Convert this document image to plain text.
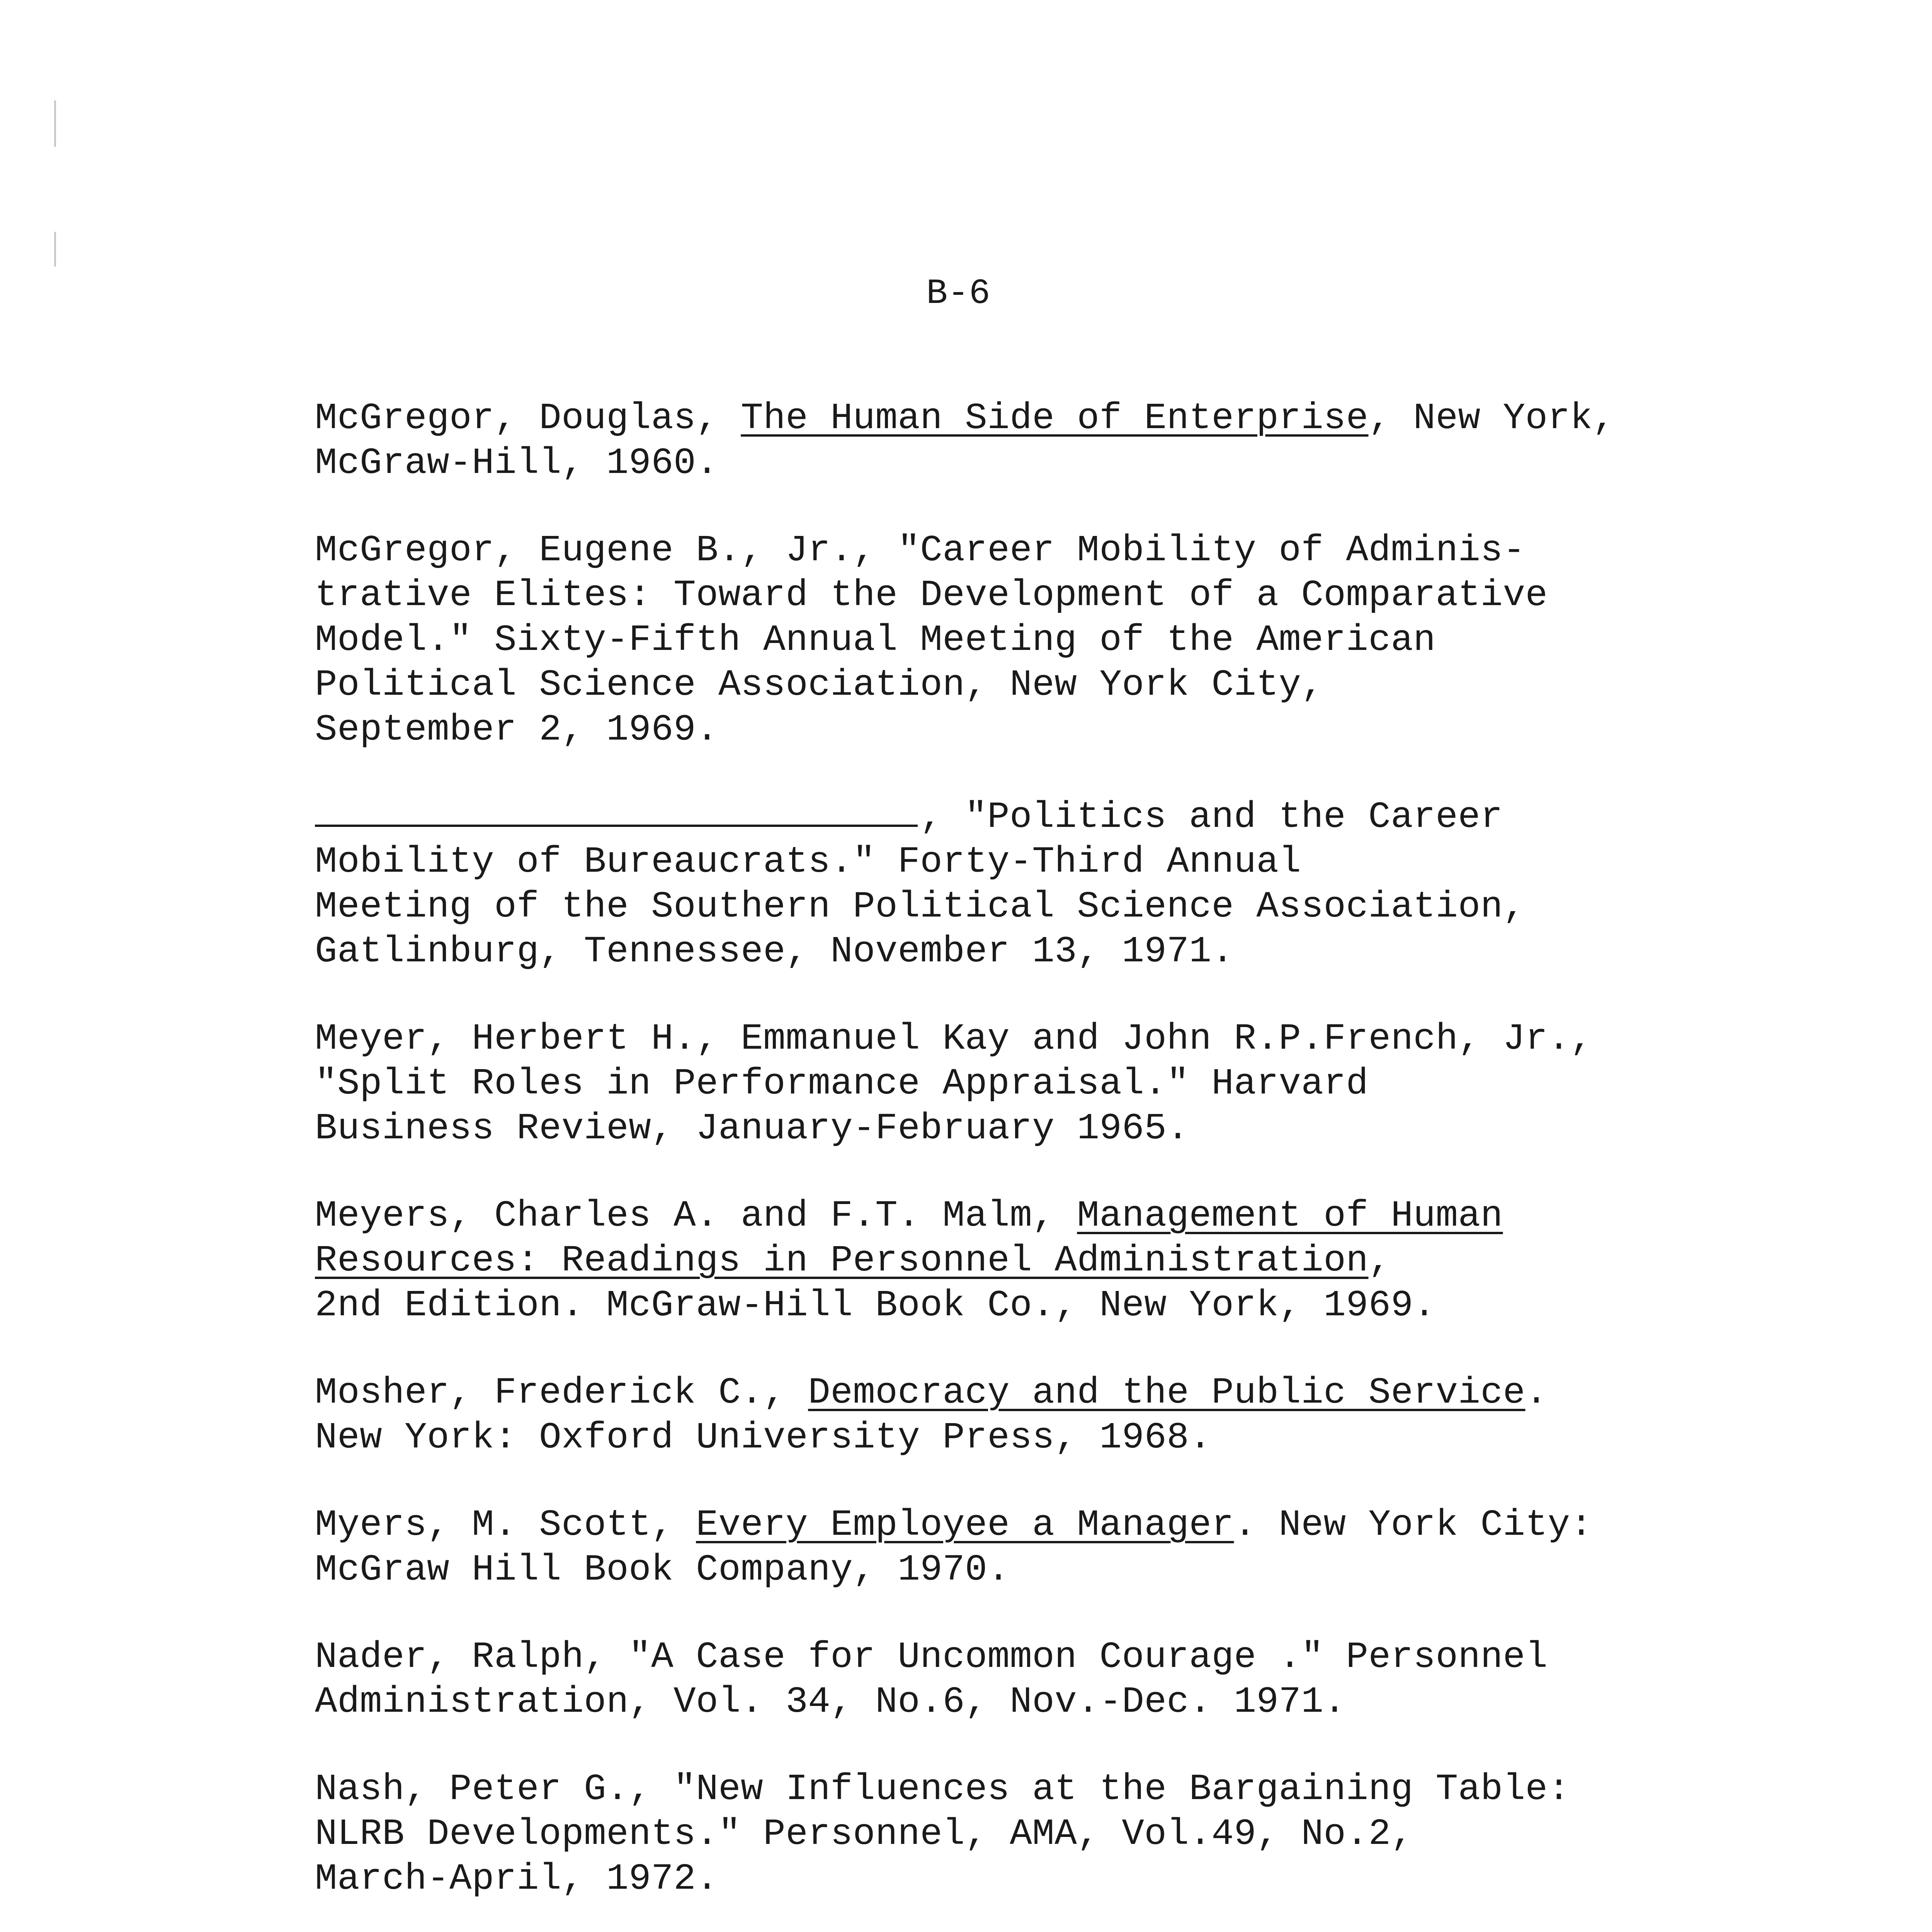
B-6
McGregor, Douglas, The Human Side of Enterprise, New York,
McGraw-Hill, 1960.
McGregor, Eugene B., Jr., "Career Mobility of Adminis-
trative Elites: Toward the Development of a Comparative
Model." Sixty-Fifth Annual Meeting of the American
Political Science Association, New York City,
September 2, 1969.
, "Politics and the Career
Mobility of Bureaucrats." Forty-Third Annual
Meeting of the Southern Political Science Association,
Gatlinburg, Tennessee, November 13, 1971.
Meyer, Herbert H., Emmanuel Kay and John R.P.French, Jr.,
"Split Roles in Performance Appraisal." Harvard
Business Review, January-February 1965.
Meyers, Charles A. and F.T. Malm, Management of Human
Resources: Readings in Personnel Administration,
2nd Edition. McGraw-Hill Book Co., New York, 1969.
Mosher, Frederick C., Democracy and the Public Service.
New York: Oxford University Press, 1968.
Myers, M. Scott, Every Employee a Manager. New York City:
McGraw Hill Book Company, 1970.
Nader, Ralph, "A Case for Uncommon Courage ." Personnel
Administration, Vol. 34, No.6, Nov.-Dec. 1971.
Nash, Peter G., "New Influences at the Bargaining Table:
NLRB Developments." Personnel, AMA, Vol.49, No.2,
March-April, 1972.
